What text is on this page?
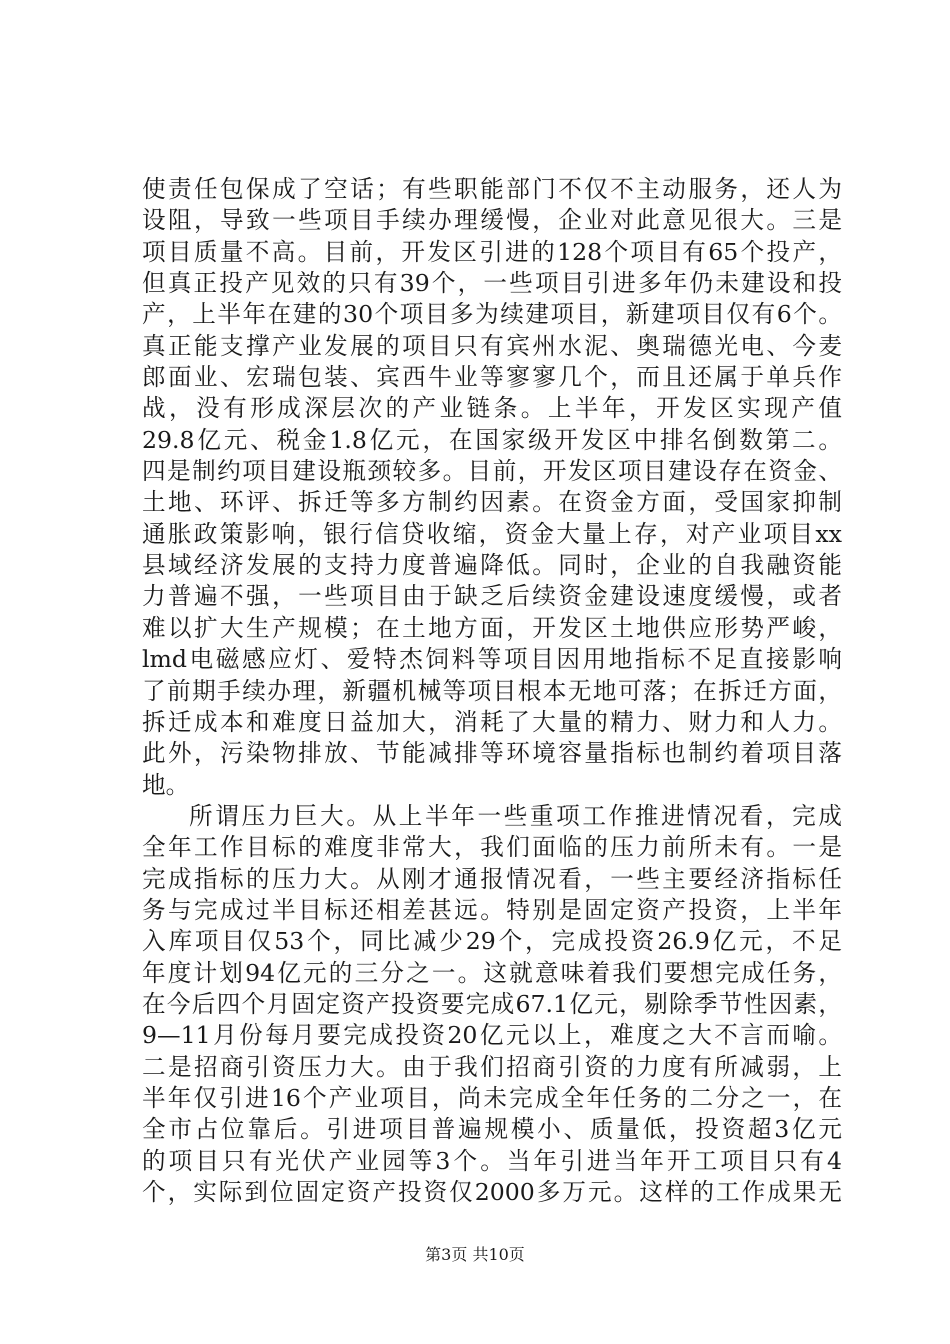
使责任包保成了空话；有些职能部门不仅不主动服务，还人为
设阻，导致一些项目手续办理缓慢，企业对此意见很大。三是
项目质量不高。目前，开发区引进的128个项目有65个投产，
但真正投产见效的只有39个，一些项目引进多年仍未建设和投
产，上半年在建的30个项目多为续建项目，新建项目仅有6个。
真正能支撑产业发展的项目只有宾州水泥、奥瑞德光电、今麦
郎面业、宏瑞包装、宾西牛业等寥寥几个，而且还属于单兵作
战，没有形成深层次的产业链条。上半年，开发区实现产值
29.8亿元、税金1.8亿元，在国家级开发区中排名倒数第二。
四是制约项目建设瓶颈较多。目前，开发区项目建设存在资金、
土地、环评、拆迁等多方制约因素。在资金方面，受国家抑制
通胀政策影响，银行信贷收缩，资金大量上存，对产业项目xx
县域经济发展的支持力度普遍降低。同时，企业的自我融资能
力普遍不强，一些项目由于缺乏后续资金建设速度缓慢，或者
难以扩大生产规模；在土地方面，开发区土地供应形势严峻，
lmd电磁感应灯、爱特杰饲料等项目因用地指标不足直接影响
了前期手续办理，新疆机械等项目根本无地可落；在拆迁方面，
拆迁成本和难度日益加大，消耗了大量的精力、财力和人力。
此外，污染物排放、节能减排等环境容量指标也制约着项目落
地。
所谓压力巨大。从上半年一些重项工作推进情况看，完成
全年工作目标的难度非常大，我们面临的压力前所未有。一是
完成指标的压力大。从刚才通报情况看，一些主要经济指标任
务与完成过半目标还相差甚远。特别是固定资产投资，上半年
入库项目仅53个，同比减少29个，完成投资26.9亿元，不足
年度计划94亿元的三分之一。这就意味着我们要想完成任务，
在今后四个月固定资产投资要完成67.1亿元，剔除季节性因素，
9—11月份每月要完成投资20亿元以上，难度之大不言而喻。
二是招商引资压力大。由于我们招商引资的力度有所减弱，上
半年仅引进16个产业项目，尚未完成全年任务的二分之一，在
全市占位靠后。引进项目普遍规模小、质量低，投资超3亿元
的项目只有光伏产业园等3个。当年引进当年开工项目只有4
个，实际到位固定资产投资仅2000多万元。这样的工作成果无
第3页 共10页
